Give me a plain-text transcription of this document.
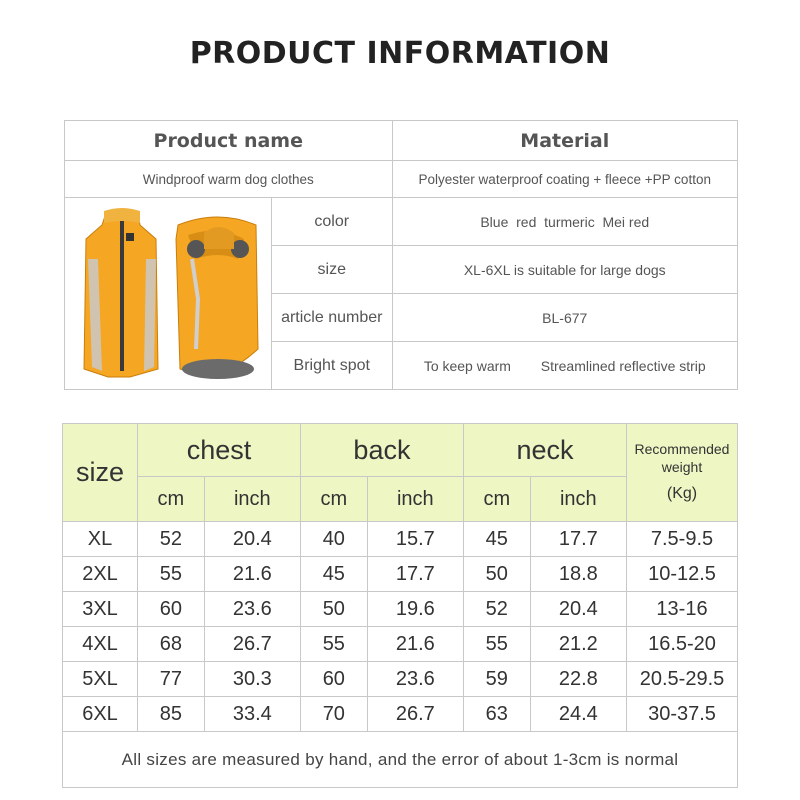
PRODUCT INFORMATION
Product name		Material
Windproof warm dog clothes		Polyester waterproof coating + fleece +PP cotton
	color	Blue  red  turmeric  Mei red
	size	XL-6XL is suitable for large dogs
	article number	BL-677
	Bright spot	To keep warm Streamlined reflective strip
size	chest		back		neck		Recommended weight
(Kg)

	cm	inch	cm	inch	cm	inch	
XL	52	20.4	40	15.7	45	17.7	7.5-9.5
2XL	55	21.6	45	17.7	50	18.8	10-12.5
3XL	60	23.6	50	19.6	52	20.4	13-16
4XL	68	26.7	55	21.6	55	21.2	16.5-20
5XL	77	30.3	60	23.6	59	22.8	20.5-29.5
6XL	85	33.4	70	26.7	63	24.4	30-37.5
All sizes are measured by hand, and the error of about 1-3cm is normal							
